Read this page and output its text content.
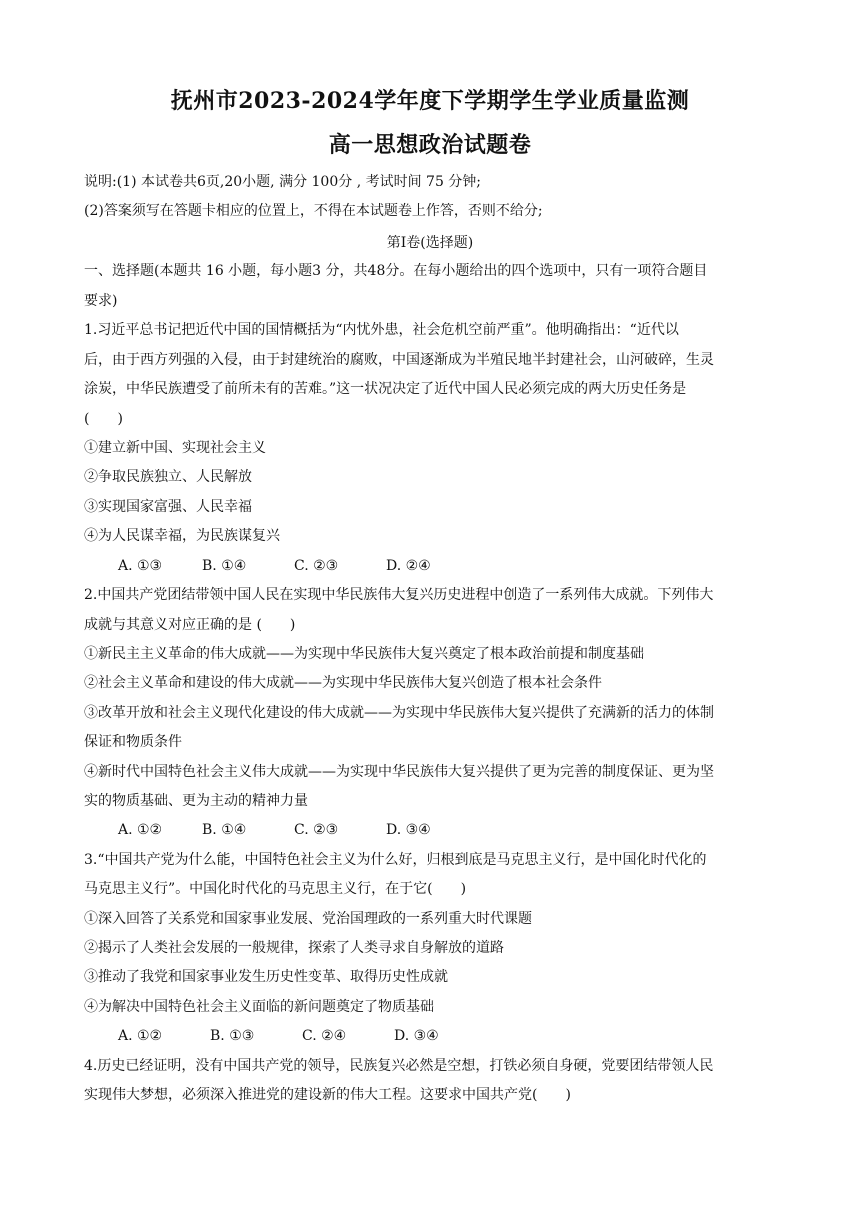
抚州市2023-2024学年度下学期学生学业质量监测
高一思想政治试题卷
说明:(1) 本试卷共6页,20小题, 满分 100分 , 考试时间 75 分钟;
(2)答案须写在答题卡相应的位置上，不得在本试题卷上作答，否则不给分;
第Ⅰ卷(选择题)
一、选择题(本题共 16 小题，每小题3 分，共48分。在每小题给出的四个选项中，只有一项符合题目
要求)
1.习近平总书记把近代中国的国情概括为“内忧外患，社会危机空前严重”。他明确指出：“近代以
后，由于西方列强的入侵，由于封建统治的腐败，中国逐渐成为半殖民地半封建社会，山河破碎，生灵
涂炭，中华民族遭受了前所未有的苦难。”这一状况决定了近代中国人民必须完成的两大历史任务是
(　　)
①建立新中国、实现社会主义
②争取民族独立、人民解放
③实现国家富强、人民幸福
④为人民谋幸福，为民族谋复兴
A. ①③	B. ①④	C. ②③	D. ②④
2.中国共产党团结带领中国人民在实现中华民族伟大复兴历史进程中创造了一系列伟大成就。下列伟大
成就与其意义对应正确的是 (　　)
①新民主主义革命的伟大成就——为实现中华民族伟大复兴奠定了根本政治前提和制度基础
②社会主义革命和建设的伟大成就——为实现中华民族伟大复兴创造了根本社会条件
③改革开放和社会主义现代化建设的伟大成就——为实现中华民族伟大复兴提供了充满新的活力的体制
保证和物质条件
④新时代中国特色社会主义伟大成就——为实现中华民族伟大复兴提供了更为完善的制度保证、更为坚
实的物质基础、更为主动的精神力量
A. ①②	B. ①④	C. ②③	D. ③④
3.“中国共产党为什么能，中国特色社会主义为什么好，归根到底是马克思主义行，是中国化时代化的
马克思主义行”。中国化时代化的马克思主义行，在于它(　　)
①深入回答了关系党和国家事业发展、党治国理政的一系列重大时代课题
②揭示了人类社会发展的一般规律，探索了人类寻求自身解放的道路
③推动了我党和国家事业发生历史性变革、取得历史性成就
④为解决中国特色社会主义面临的新问题奠定了物质基础
A. ①②	B. ①③	C. ②④	D. ③④
4.历史已经证明，没有中国共产党的领导，民族复兴必然是空想，打铁必须自身硬，党要团结带领人民
实现伟大梦想，必须深入推进党的建设新的伟大工程。这要求中国共产党(　　)
